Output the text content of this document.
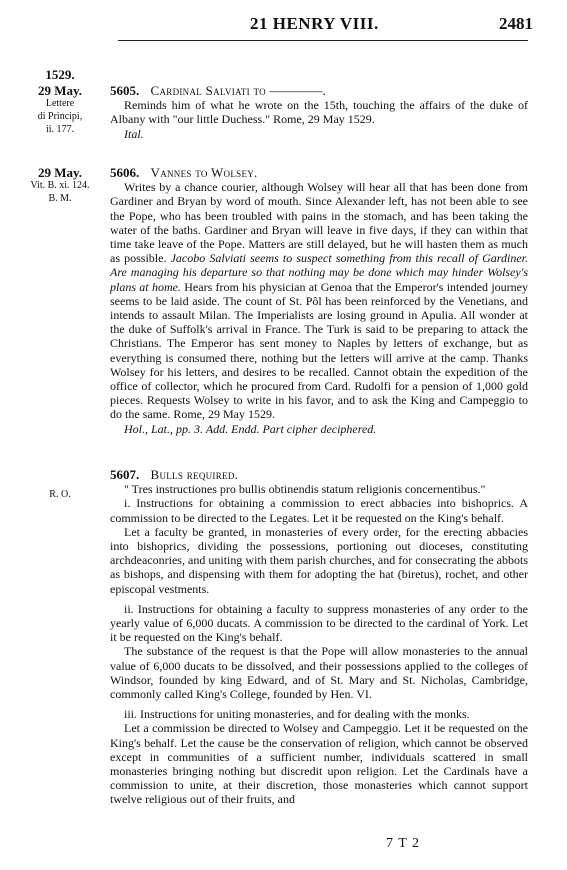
21 HENRY VIII.	2481
1529.
29 May.
Lettere
di Principi,
ii. 177.
5605. Cardinal Salviati to ————.

Reminds him of what he wrote on the 15th, touching the affairs of the duke of Albany with "our little Duchess." Rome, 29 May 1529.

Ital.

29 May.
Vit. B. xi. 124.
B. M.
5606. Vannes to Wolsey.

Writes by a chance courier, although Wolsey will hear all that has been done from Gardiner and Bryan by word of mouth. Since Alexander left, has not been able to see the Pope, who has been troubled with pains in the stomach, and has been taking the water of the baths. Gardiner and Bryan will leave in five days, if they can within that time take leave of the Pope. Matters are still delayed, but he will hasten them as much as possible. Jacobo Salviati seems to suspect something from this recall of Gardiner. Are managing his departure so that nothing may be done which may hinder Wolsey's plans at home. Hears from his physician at Genoa that the Emperor's intended journey seems to be laid aside. The count of St. Pôl has been reinforced by the Venetians, and intends to assault Milan. The Imperialists are losing ground in Apulia. All wonder at the duke of Suffolk's arrival in France. The Turk is said to be preparing to attack the Christians. The Emperor has sent money to Naples by letters of exchange, but as everything is consumed there, nothing but the letters will arrive at the camp. Thanks Wolsey for his letters, and desires to be recalled. Cannot obtain the expedition of the office of collector, which he procured from Card. Rudolfi for a pension of 1,000 gold pieces. Requests Wolsey to write in his favor, and to ask the King and Campeggio to do the same. Rome, 29 May 1529.

Hol., Lat., pp. 3. Add. Endd. Part cipher deciphered.

R. O.
5607. Bulls required.

" Tres instructiones pro bullis obtinendis statum religionis concernentibus."

i. Instructions for obtaining a commission to erect abbacies into bishoprics. A commission to be directed to the Legates. Let it be requested on the King's behalf.

Let a faculty be granted, in monasteries of every order, for the erecting abbacies into bishoprics, dividing the possessions, portioning out dioceses, constituting archdeaconries, and uniting with them parish churches, and for consecrating the abbots as bishops, and dispensing with them for adopting the hat (biretus), rochet, and other episcopal vestments.

ii. Instructions for obtaining a faculty to suppress monasteries of any order to the yearly value of 6,000 ducats. A commission to be directed to the cardinal of York. Let it be requested on the King's behalf.

The substance of the request is that the Pope will allow monasteries to the annual value of 6,000 ducats to be dissolved, and their possessions applied to the colleges of Windsor, founded by king Edward, and of St. Mary and St. Nicholas, Cambridge, commonly called King's College, founded by Hen. VI.

iii. Instructions for uniting monasteries, and for dealing with the monks.

Let a commission be directed to Wolsey and Campeggio. Let it be requested on the King's behalf. Let the cause be the conservation of religion, which cannot be observed except in communities of a sufficient number, individuals scattered in small monasteries bringing nothing but discredit upon religion. Let the Cardinals have a commission to unite, at their discretion, those monasteries which cannot support twelve religious out of their fruits, and

7 T 2
